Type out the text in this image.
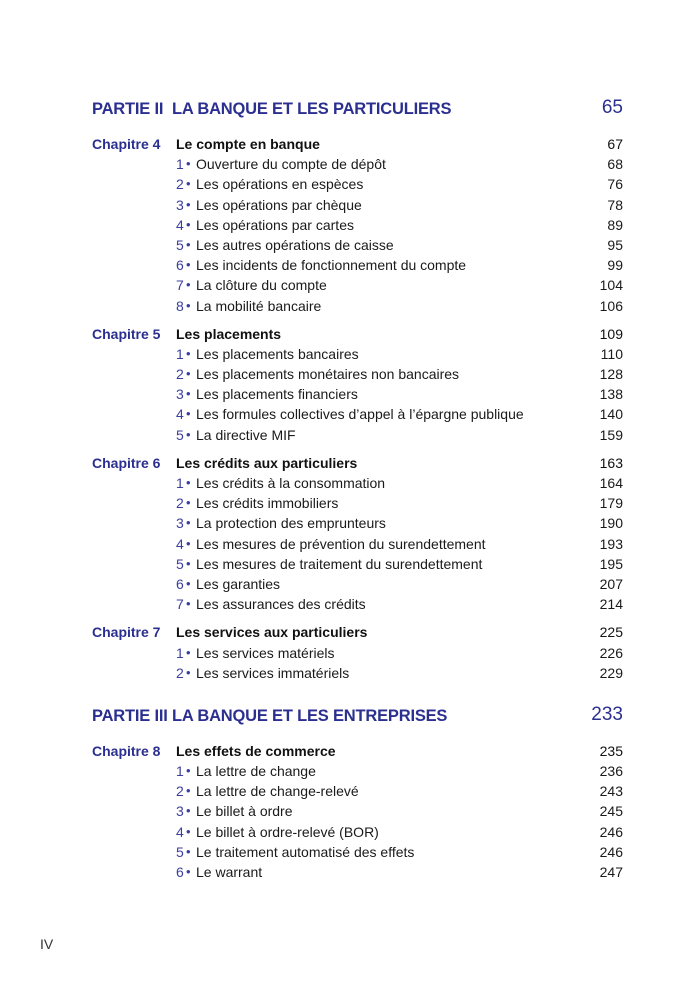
PARTIE II LA BANQUE ET LES PARTICULIERS	65
Chapitre 4 Le compte en banque	67
1 • Ouverture du compte de dépôt	68
2 • Les opérations en espèces	76
3 • Les opérations par chèque	78
4 • Les opérations par cartes	89
5 • Les autres opérations de caisse	95
6 • Les incidents de fonctionnement du compte	99
7 • La clôture du compte	104
8 • La mobilité bancaire	106
Chapitre 5 Les placements	109
1 • Les placements bancaires	110
2 • Les placements monétaires non bancaires	128
3 • Les placements financiers	138
4 • Les formules collectives d’appel à l’épargne publique	140
5 • La directive MIF	159
Chapitre 6 Les crédits aux particuliers	163
1 • Les crédits à la consommation	164
2 • Les crédits immobiliers	179
3 • La protection des emprunteurs	190
4 • Les mesures de prévention du surendettement	193
5 • Les mesures de traitement du surendettement	195
6 • Les garanties	207
7 • Les assurances des crédits	214
Chapitre 7 Les services aux particuliers	225
1 • Les services matériels	226
2 • Les services immatériels	229
PARTIE III LA BANQUE ET LES ENTREPRISES	233
Chapitre 8 Les effets de commerce	235
1 • La lettre de change	236
2 • La lettre de change-relevé	243
3 • Le billet à ordre	245
4 • Le billet à ordre-relevé (BOR)	246
5 • Le traitement automatisé des effets	246
6 • Le warrant	247
IV
